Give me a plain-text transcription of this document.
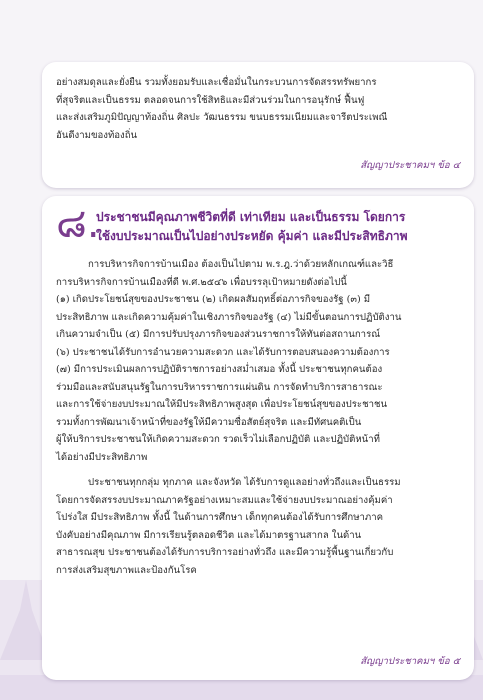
อย่างสมดุลและยั่งยืน รวมทั้งยอมรับและเชื่อมั่นในกระบวนการจัดสรรทรัพยากร
ที่สุจริตและเป็นธรรม ตลอดจนการใช้สิทธิและมีส่วนร่วมในการอนุรักษ์ ฟื้นฟู
และส่งเสริมภูมิปัญญาท้องถิ่น ศิลปะ วัฒนธรรม ขนบธรรมเนียมและจารีตประเพณี
อันดีงามของท้องถิ่น
สัญญาประชาคมฯ ข้อ ๔
๘.
ประชาชนมีคุณภาพชีวิตที่ดี เท่าเทียม และเป็นธรรม โดยการ
ใช้งบประมาณเป็นไปอย่างประหยัด คุ้มค่า และมีประสิทธิภาพ
การบริหารกิจการบ้านเมือง ต้องเป็นไปตาม พ.ร.ฎ.ว่าด้วยหลักเกณฑ์และวิธี
การบริหารกิจการบ้านเมืองที่ดี พ.ศ.๒๕๔๖ เพื่อบรรลุเป้าหมายดังต่อไปนี้
(๑) เกิดประโยชน์สุขของประชาชน (๒) เกิดผลสัมฤทธิ์ต่อภารกิจของรัฐ (๓) มี
ประสิทธิภาพ และเกิดความคุ้มค่าในเชิงภารกิจของรัฐ (๔) ไม่มีขั้นตอนการปฏิบัติงาน
เกินความจำเป็น (๕) มีการปรับปรุงภารกิจของส่วนราชการให้ทันต่อสถานการณ์
(๖) ประชาชนได้รับการอำนวยความสะดวก และได้รับการตอบสนองความต้องการ
(๗) มีการประเมินผลการปฏิบัติราชการอย่างสม่ำเสมอ ทั้งนี้ ประชาชนทุกคนต้อง
ร่วมมือและสนับสนุนรัฐในการบริหารราชการแผ่นดิน การจัดทำบริการสาธารณะ
และการใช้จ่ายงบประมาณให้มีประสิทธิภาพสูงสุด เพื่อประโยชน์สุขของประชาชน
รวมทั้งการพัฒนาเจ้าหน้าที่ของรัฐให้มีความซื่อสัตย์สุจริต และมีทัศนคติเป็น
ผู้ให้บริการประชาชนให้เกิดความสะดวก รวดเร็วไม่เลือกปฏิบัติ และปฏิบัติหน้าที่
ได้อย่างมีประสิทธิภาพ
ประชาชนทุกกลุ่ม ทุกภาค และจังหวัด ได้รับการดูแลอย่างทั่วถึงและเป็นธรรม
โดยการจัดสรรงบประมาณภาครัฐอย่างเหมาะสมและใช้จ่ายงบประมาณอย่างคุ้มค่า
โปร่งใส มีประสิทธิภาพ ทั้งนี้ ในด้านการศึกษา เด็กทุกคนต้องได้รับการศึกษาภาค
บังคับอย่างมีคุณภาพ มีการเรียนรู้ตลอดชีวิต และได้มาตรฐานสากล ในด้าน
สาธารณสุข ประชาชนต้องได้รับการบริการอย่างทั่วถึง และมีความรู้พื้นฐานเกี่ยวกับ
การส่งเสริมสุขภาพและป้องกันโรค
สัญญาประชาคมฯ ข้อ ๕
